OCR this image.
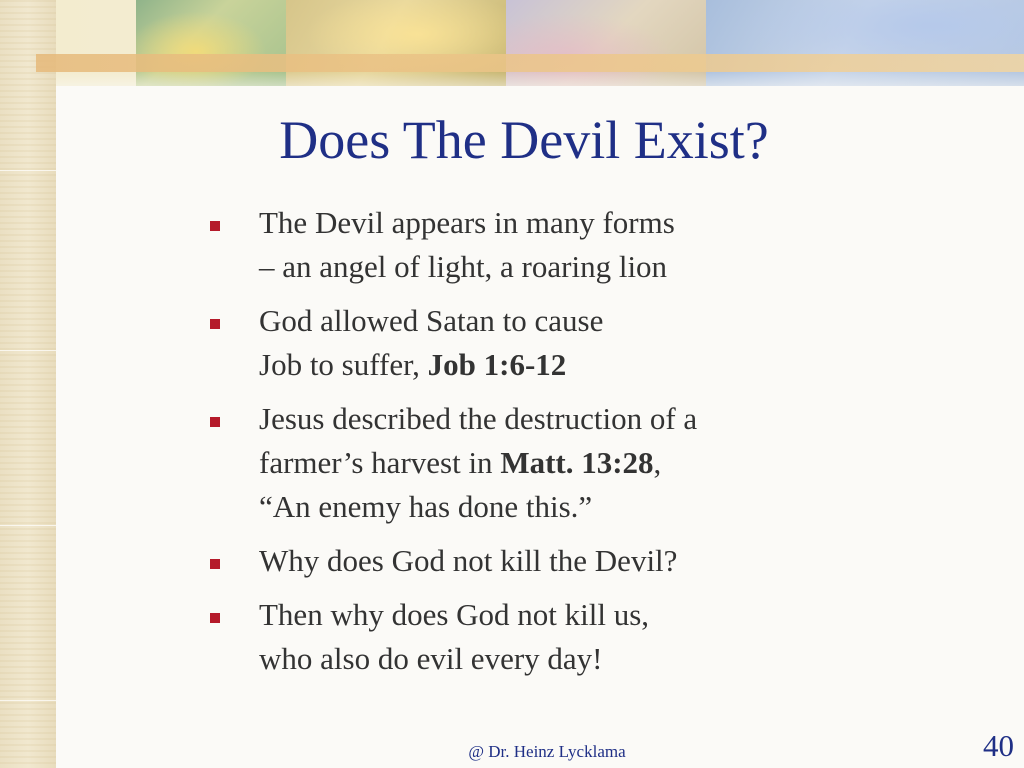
Does The Devil Exist?
The Devil appears in many forms
– an angel of light, a roaring lion
God allowed Satan to cause
Job to suffer, Job 1:6-12
Jesus described the destruction of a
farmer’s harvest in Matt. 13:28,
“An enemy has done this.”
Why does God not kill the Devil?
Then why does God not kill us,
who also do evil every day!
@ Dr. Heinz Lycklama	40
